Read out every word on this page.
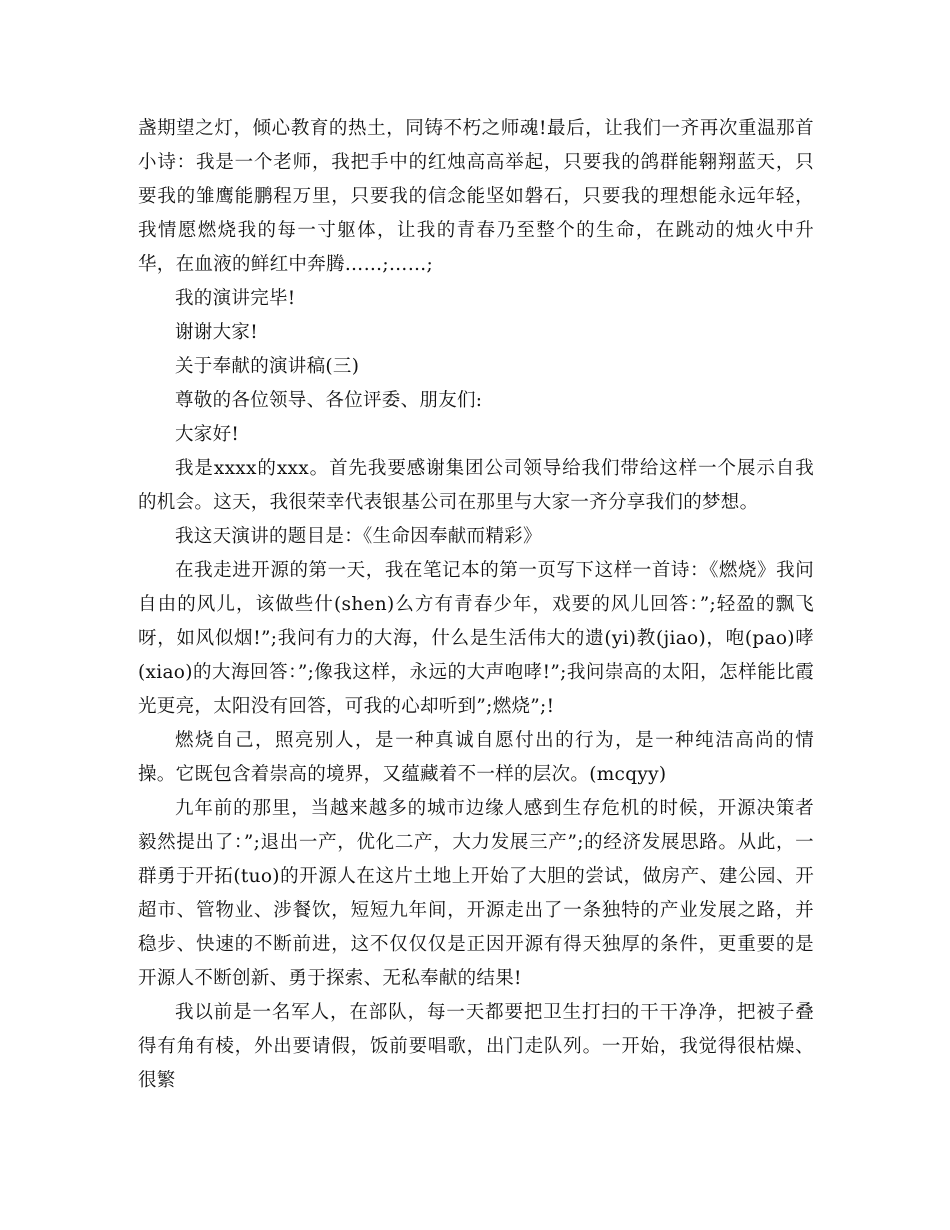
盏期望之灯，倾心教育的热土，同铸不朽之师魂!最后，让我们一齐再次重温那首小诗：我是一个老师，我把手中的红烛高高举起，只要我的鸽群能翱翔蓝天，只要我的雏鹰能鹏程万里，只要我的信念能坚如磐石，只要我的理想能永远年轻，我情愿燃烧我的每一寸躯体，让我的青春乃至整个的生命，在跳动的烛火中升华，在血液的鲜红中奔腾……;……;

我的演讲完毕!

谢谢大家!

关于奉献的演讲稿(三)

尊敬的各位领导、各位评委、朋友们:

大家好!

我是xxxx的xxx。首先我要感谢集团公司领导给我们带给这样一个展示自我的机会。这天，我很荣幸代表银基公司在那里与大家一齐分享我们的梦想。

我这天演讲的题目是：《生命因奉献而精彩》

在我走进开源的第一天，我在笔记本的第一页写下这样一首诗：《燃烧》我问自由的风儿，该做些什(shen)么方有青春少年，戏要的风儿回答：”;轻盈的飘飞呀，如风似烟!”;我问有力的大海，什么是生活伟大的遗(yi)教(jiao)，咆(pao)哮(xiao)的大海回答：”;像我这样，永远的大声咆哮!”;我问崇高的太阳，怎样能比霞光更亮，太阳没有回答，可我的心却听到”;燃烧”;!

燃烧自己，照亮别人，是一种真诚自愿付出的行为，是一种纯洁高尚的情操。它既包含着崇高的境界，又蕴藏着不一样的层次。(mcqyy)

九年前的那里，当越来越多的城市边缘人感到生存危机的时候，开源决策者毅然提出了：”;退出一产，优化二产，大力发展三产”;的经济发展思路。从此，一群勇于开拓(tuo)的开源人在这片土地上开始了大胆的尝试，做房产、建公园、开超市、管物业、涉餐饮，短短九年间，开源走出了一条独特的产业发展之路，并稳步、快速的不断前进，这不仅仅仅是正因开源有得天独厚的条件，更重要的是开源人不断创新、勇于探索、无私奉献的结果!

我以前是一名军人，在部队，每一天都要把卫生打扫的干干净净，把被子叠得有角有棱，外出要请假，饭前要唱歌，出门走队列。一开始，我觉得很枯燥、很繁
